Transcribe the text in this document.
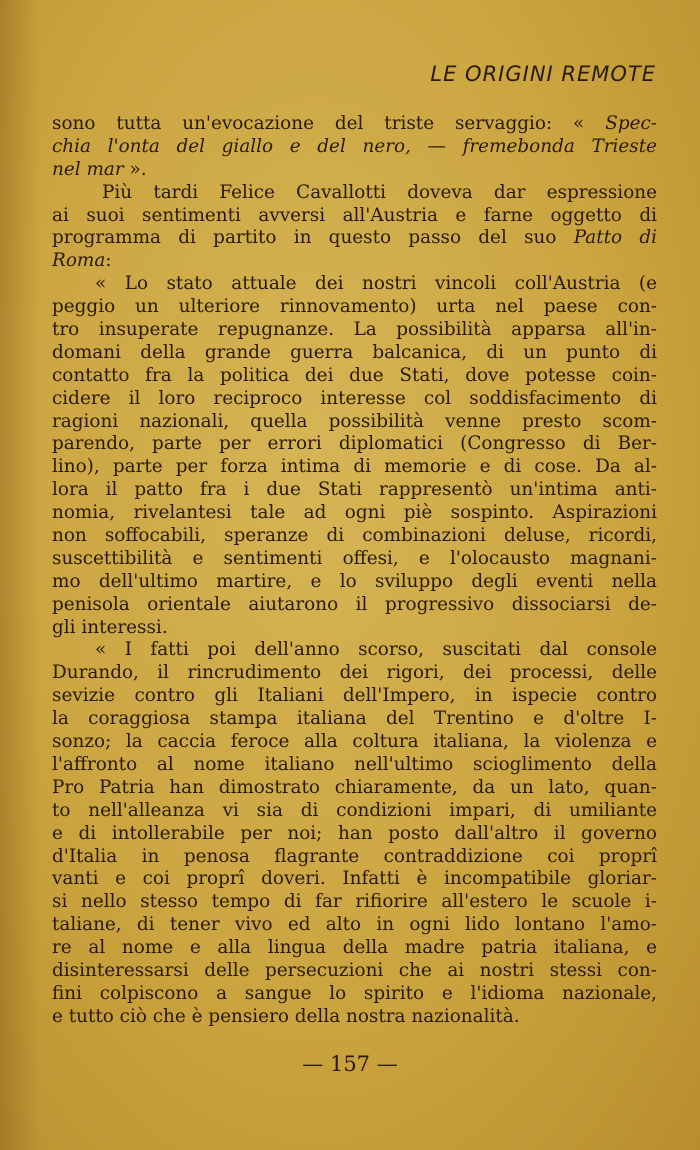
LE ORIGINI REMOTE
sono tutta un'evocazione del triste servaggio: « Spec-
chia l'onta del giallo e del nero, — fremebonda Trieste
nel mar ».
Più tardi Felice Cavallotti doveva dar espressione
ai suoi sentimenti avversi all'Austria e farne oggetto di
programma di partito in questo passo del suo Patto di
Roma:
« Lo stato attuale dei nostri vincoli coll'Austria (e
peggio un ulteriore rinnovamento) urta nel paese con-
tro insuperate repugnanze. La possibilità apparsa all'in-
domani della grande guerra balcanica, di un punto di
contatto fra la politica dei due Stati, dove potesse coin-
cidere il loro reciproco interesse col soddisfacimento di
ragioni nazionali, quella possibilità venne presto scom-
parendo, parte per errori diplomatici (Congresso di Ber-
lino), parte per forza intima di memorie e di cose. Da al-
lora il patto fra i due Stati rappresentò un'intima anti-
nomia, rivelantesi tale ad ogni piè sospinto. Aspirazioni
non soffocabili, speranze di combinazioni deluse, ricordi,
suscettibilità e sentimenti offesi, e l'olocausto magnani-
mo dell'ultimo martire, e lo sviluppo degli eventi nella
penisola orientale aiutarono il progressivo dissociarsi de-
gli interessi.
« I fatti poi dell'anno scorso, suscitati dal console
Durando, il rincrudimento dei rigori, dei processi, delle
sevizie contro gli Italiani dell'Impero, in ispecie contro
la coraggiosa stampa italiana del Trentino e d'oltre I-
sonzo; la caccia feroce alla coltura italiana, la violenza e
l'affronto al nome italiano nell'ultimo scioglimento della
Pro Patria han dimostrato chiaramente, da un lato, quan-
to nell'alleanza vi sia di condizioni impari, di umiliante
e di intollerabile per noi; han posto dall'altro il governo
d'Italia in penosa flagrante contraddizione coi proprî
vanti e coi proprî doveri. Infatti è incompatibile gloriar-
si nello stesso tempo di far rifiorire all'estero le scuole i-
taliane, di tener vivo ed alto in ogni lido lontano l'amo-
re al nome e alla lingua della madre patria italiana, e
disinteressarsi delle persecuzioni che ai nostri stessi con-
fini colpiscono a sangue lo spirito e l'idioma nazionale,
e tutto ciò che è pensiero della nostra nazionalità.
— 157 —
